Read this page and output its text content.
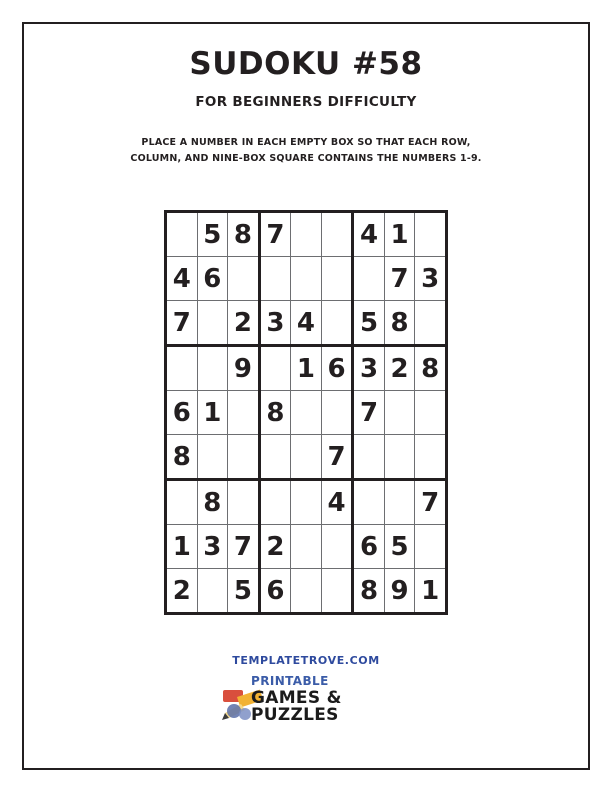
SUDOKU #58
FOR BEGINNERS DIFFICULTY
PLACE A NUMBER IN EACH EMPTY BOX SO THAT EACH ROW,
COLUMN, AND NINE-BOX SQUARE CONTAINS THE NUMBERS 1-9.
	5	8	7			4	1	
4	6						7	3
7		2	3	4		5	8	
		9		1	6	3	2	8
6	1		8			7		
8					7			
	8				4			7
1	3	7	2			6	5	
2		5	6			8	9	1
TEMPLATETROVE.COM
PRINTABLE
GAMES &
PUZZLES
